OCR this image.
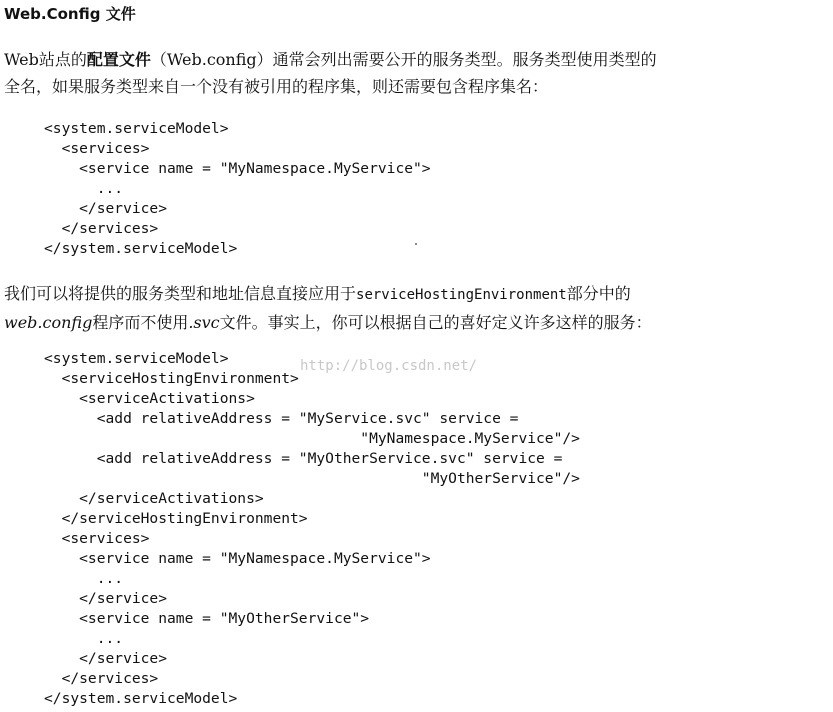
Web.Config 文件
Web站点的配置文件（Web.config）通常会列出需要公开的服务类型。服务类型使用类型的
全名，如果服务类型来自一个没有被引用的程序集，则还需要包含程序集名：
<system.serviceModel>
<services>
<service name = "MyNamespace.MyService">
...
</service>
</services>
</system.serviceModel>
我们可以将提供的服务类型和地址信息直接应用于serviceHostingEnvironment部分中的
web.config程序而不使用.svc文件。事实上，你可以根据自己的喜好定义许多这样的服务：
<system.serviceModel>
<serviceHostingEnvironment>
<serviceActivations>
<add relativeAddress = "MyService.svc" service =
"MyNamespace.MyService"/>
<add relativeAddress = "MyOtherService.svc" service =
"MyOtherService"/>
</serviceActivations>
</serviceHostingEnvironment>
<services>
<service name = "MyNamespace.MyService">
...
</service>
<service name = "MyOtherService">
...
</service>
</services>
</system.serviceModel>
http://blog.csdn.net/
